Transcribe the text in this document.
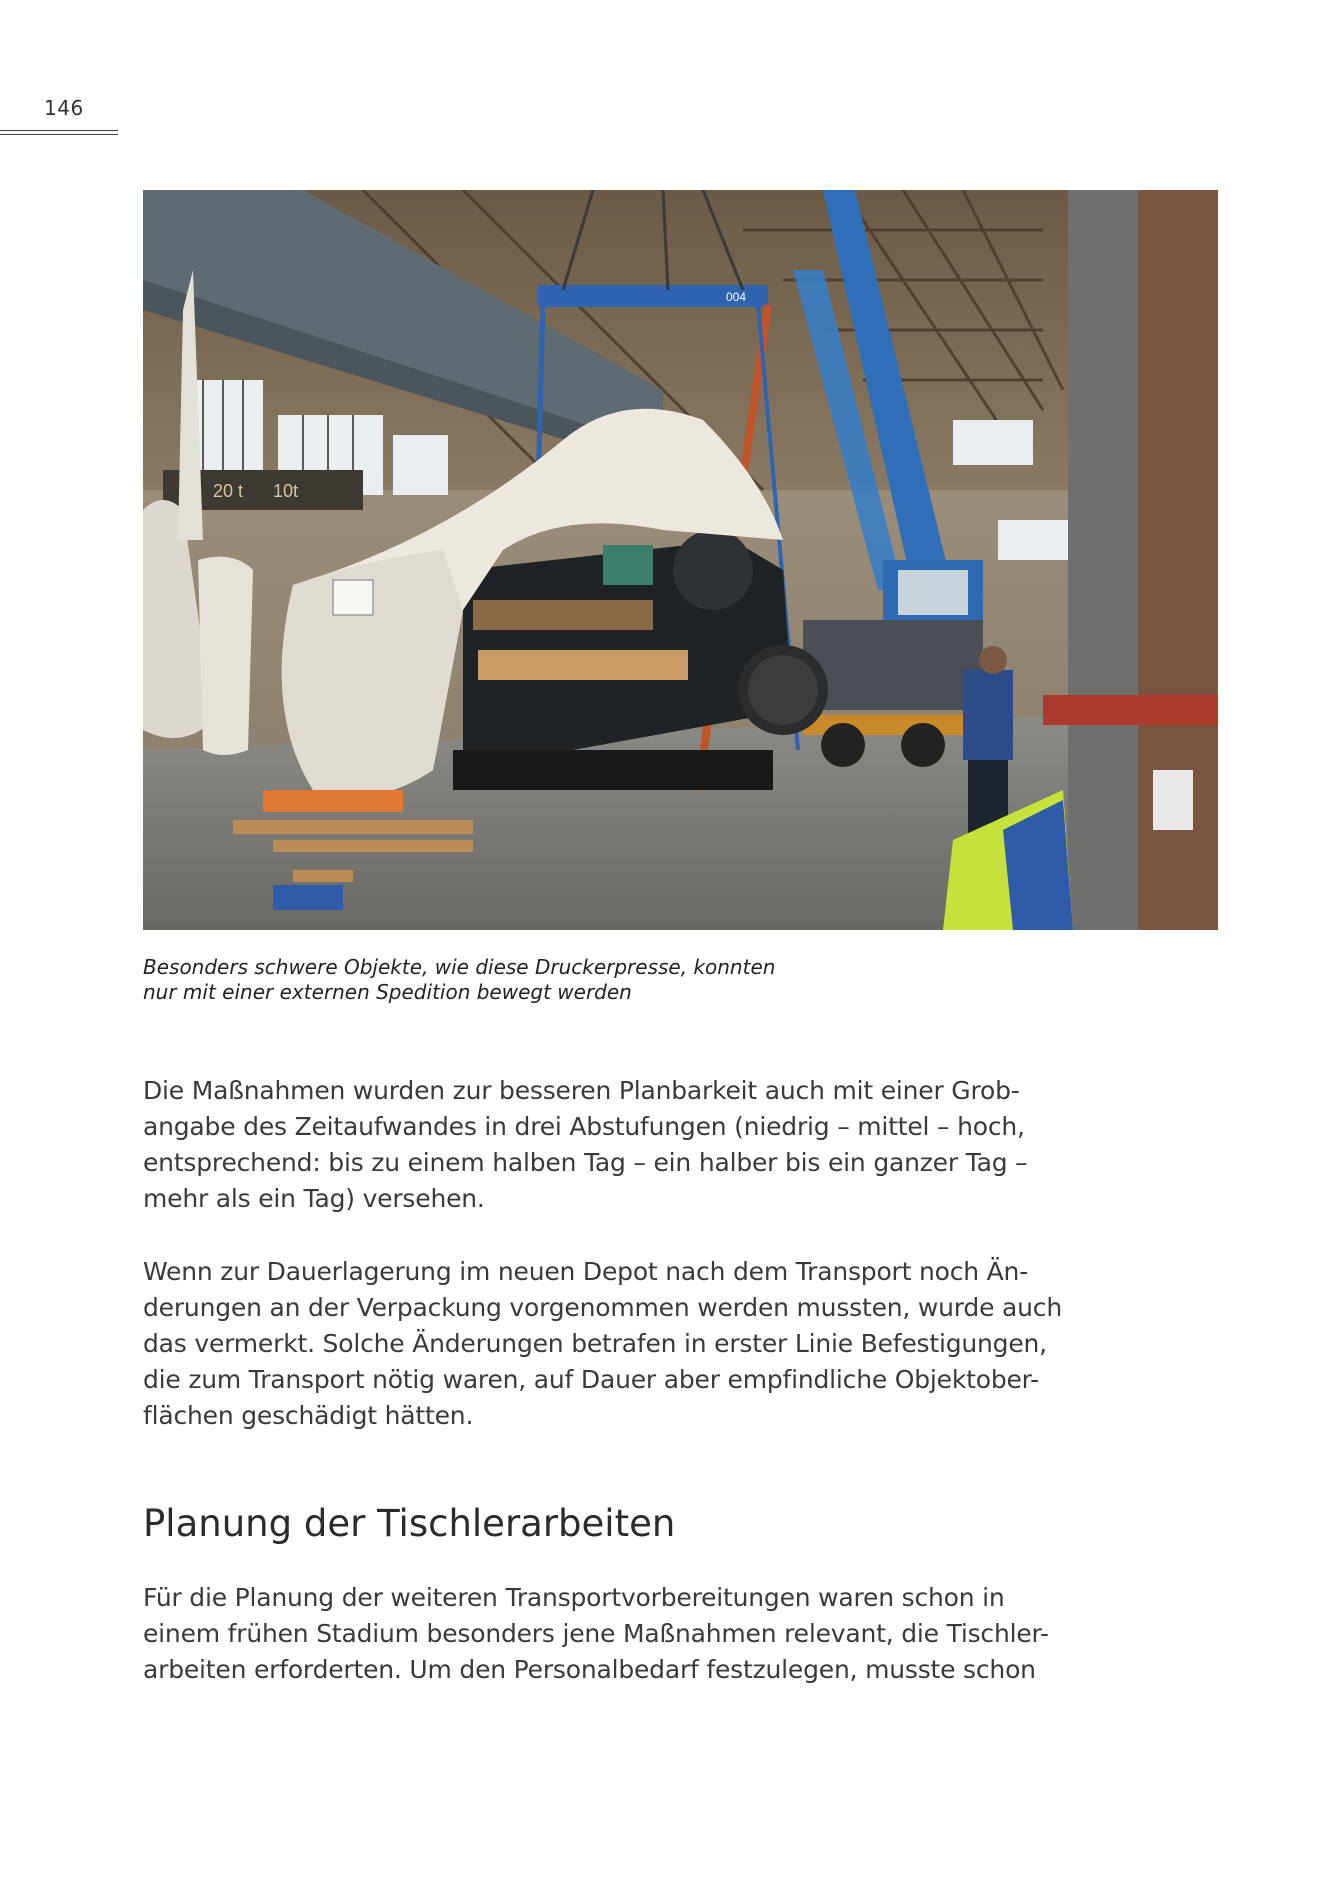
146
20 t 10t
004
Besonders schwere Objekte, wie diese Druckerpresse, konnten
nur mit einer externen Spedition bewegt werden
Die Maßnahmen wurden zur besseren Planbarkeit auch mit einer Grob-
angabe des Zeitaufwandes in drei Abstufungen (niedrig – mittel – hoch,
entsprechend: bis zu einem halben Tag – ein halber bis ein ganzer Tag –
mehr als ein Tag) versehen.
Wenn zur Dauerlagerung im neuen Depot nach dem Transport noch Än-
derungen an der Verpackung vorgenommen werden mussten, wurde auch
das vermerkt. Solche Änderungen betrafen in erster Linie Befestigungen,
die zum Transport nötig waren, auf Dauer aber empfindliche Objektober-
flächen geschädigt hätten.
Planung der Tischlerarbeiten
Für die Planung der weiteren Transportvorbereitungen waren schon in
einem frühen Stadium besonders jene Maßnahmen relevant, die Tischler-
arbeiten erforderten. Um den Personalbedarf festzulegen, musste schon
